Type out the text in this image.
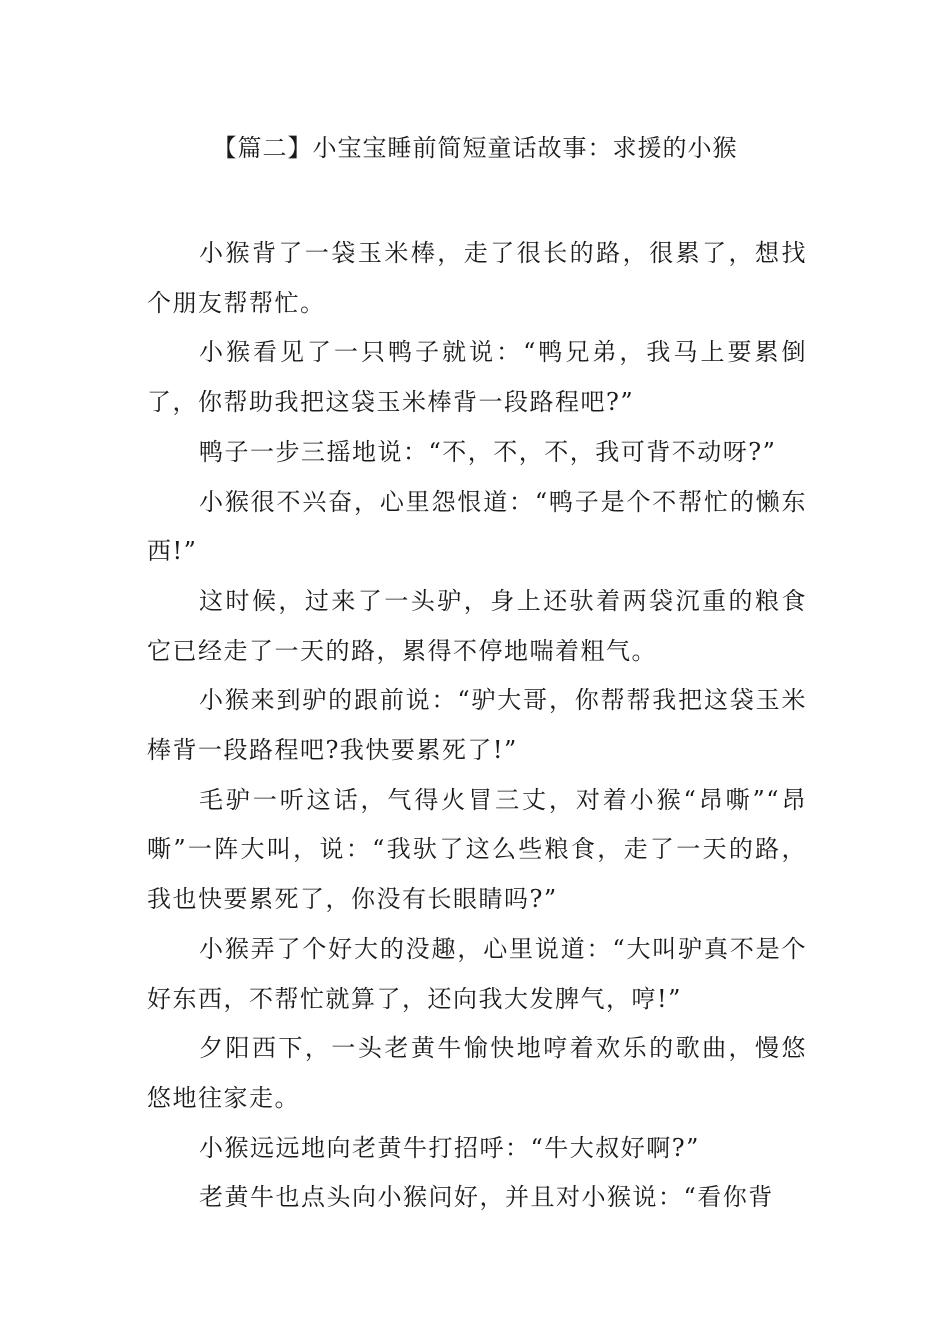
【篇二】小宝宝睡前简短童话故事：求援的小猴

小猴背了一袋玉米棒，走了很长的路，很累了，想找个朋友帮帮忙。

小猴看见了一只鸭子就说：“鸭兄弟，我马上要累倒了，你帮助我把这袋玉米棒背一段路程吧?”

鸭子一步三摇地说：“不，不，不，我可背不动呀?”

小猴很不兴奋，心里怨恨道：“鸭子是个不帮忙的懒东西!”

这时候，过来了一头驴，身上还驮着两袋沉重的粮食它已经走了一天的路，累得不停地喘着粗气。

小猴来到驴的跟前说：“驴大哥，你帮帮我把这袋玉米棒背一段路程吧?我快要累死了!”

毛驴一听这话，气得火冒三丈，对着小猴“昂嘶”“昂嘶”一阵大叫，说：“我驮了这么些粮食，走了一天的路，我也快要累死了，你没有长眼睛吗?”

小猴弄了个好大的没趣，心里说道：“大叫驴真不是个好东西，不帮忙就算了，还向我大发脾气，哼!”

夕阳西下，一头老黄牛愉快地哼着欢乐的歌曲，慢悠悠地往家走。

小猴远远地向老黄牛打招呼：“牛大叔好啊?”

老黄牛也点头向小猴问好，并且对小猴说：“看你背
